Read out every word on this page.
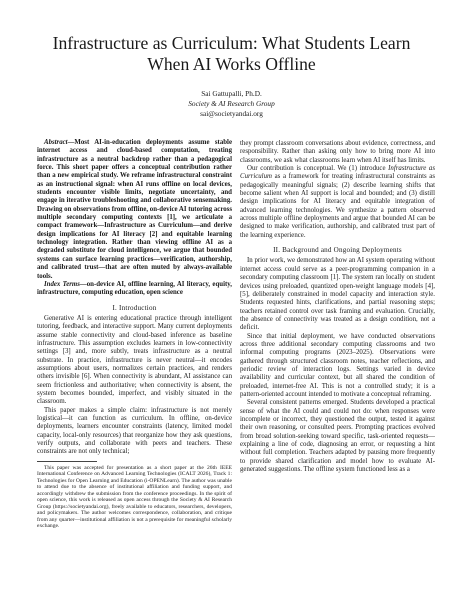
Infrastructure as Curriculum: What Students Learn
When AI Works Offline
Sai Gattupalli, Ph.D.
Society & AI Research Group
sai@societyandai.org

Abstract—Most AI-in-education deployments assume stable internet access and cloud-based computation, treating infrastructure as a neutral backdrop rather than a pedagogical force. This short paper offers a conceptual contribution rather than a new empirical study. We reframe infrastructural constraint as an instructional signal: when AI runs offline on local devices, students encounter visible limits, negotiate uncertainty, and engage in iterative troubleshooting and collaborative sensemaking. Drawing on observations from offline, on-device AI tutoring across multiple secondary computing contexts [1], we articulate a compact framework—Infrastructure as Curriculum—and derive design implications for AI literacy [2] and equitable learning technology integration. Rather than viewing offline AI as a degraded substitute for cloud intelligence, we argue that bounded systems can surface learning practices—verification, authorship, and calibrated trust—that are often muted by always-available tools.

Index Terms—on-device AI, offline learning, AI literacy, equity, infrastructure, computing education, open science

I. Introduction

Generative AI is entering educational practice through intelligent tutoring, feedback, and interactive support. Many current deployments assume stable connectivity and cloud-based inference as baseline infrastructure. This assumption excludes learners in low-connectivity settings [3] and, more subtly, treats infrastructure as a neutral substrate. In practice, infrastructure is never neutral—it encodes assumptions about users, normalizes certain practices, and renders others invisible [6]. When connectivity is abundant, AI assistance can seem frictionless and authoritative; when connectivity is absent, the system becomes bounded, imperfect, and visibly situated in the classroom.

This paper makes a simple claim: infrastructure is not merely logistical—it can function as curriculum. In offline, on-device deployments, learners encounter constraints (latency, limited model capacity, local-only resources) that reorganize how they ask questions, verify outputs, and collaborate with peers and teachers. These constraints are not only technical;

This paper was accepted for presentation as a short paper at the 26th IEEE International Conference on Advanced Learning Technologies (ICALT 2026), Track 1: Technologies for Open Learning and Education (i-OPENLearn). The author was unable to attend due to the absence of institutional affiliation and funding support, and accordingly withdrew the submission from the conference proceedings. In the spirit of open science, this work is released as open access through the Society & AI Research Group (https://societyandai.org), freely available to educators, researchers, developers, and policymakers. The author welcomes correspondence, collaboration, and critique from any quarter—institutional affiliation is not a prerequisite for meaningful scholarly exchange.

they prompt classroom conversations about evidence, correctness, and responsibility. Rather than asking only how to bring more AI into classrooms, we ask what classrooms learn when AI itself has limits.

Our contribution is conceptual. We (1) introduce Infrastructure as Curriculum as a framework for treating infrastructural constraints as pedagogically meaningful signals; (2) describe learning shifts that become salient when AI support is local and bounded; and (3) distill design implications for AI literacy and equitable integration of advanced learning technologies. We synthesize a pattern observed across multiple offline deployments and argue that bounded AI can be designed to make verification, authorship, and calibrated trust part of the learning experience.

II. Background and Ongoing Deployments

In prior work, we demonstrated how an AI system operating without internet access could serve as a peer-programming companion in a secondary computing classroom [1]. The system ran locally on student devices using preloaded, quantized open-weight language models [4], [5], deliberately constrained in model capacity and interaction style. Students requested hints, clarifications, and partial reasoning steps; teachers retained control over task framing and evaluation. Crucially, the absence of connectivity was treated as a design condition, not a deficit.

Since that initial deployment, we have conducted observations across three additional secondary computing classrooms and two informal computing programs (2023–2025). Observations were gathered through structured classroom notes, teacher reflections, and periodic review of interaction logs. Settings varied in device availability and curricular context, but all shared the condition of preloaded, internet-free AI. This is not a controlled study; it is a pattern-oriented account intended to motivate a conceptual reframing.

Several consistent patterns emerged. Students developed a practical sense of what the AI could and could not do: when responses were incomplete or incorrect, they questioned the output, tested it against their own reasoning, or consulted peers. Prompting practices evolved from broad solution-seeking toward specific, task-oriented requests—explaining a line of code, diagnosing an error, or requesting a hint without full completion. Teachers adapted by pausing more frequently to provide shared clarification and model how to evaluate AI-generated suggestions. The offline system functioned less as a
